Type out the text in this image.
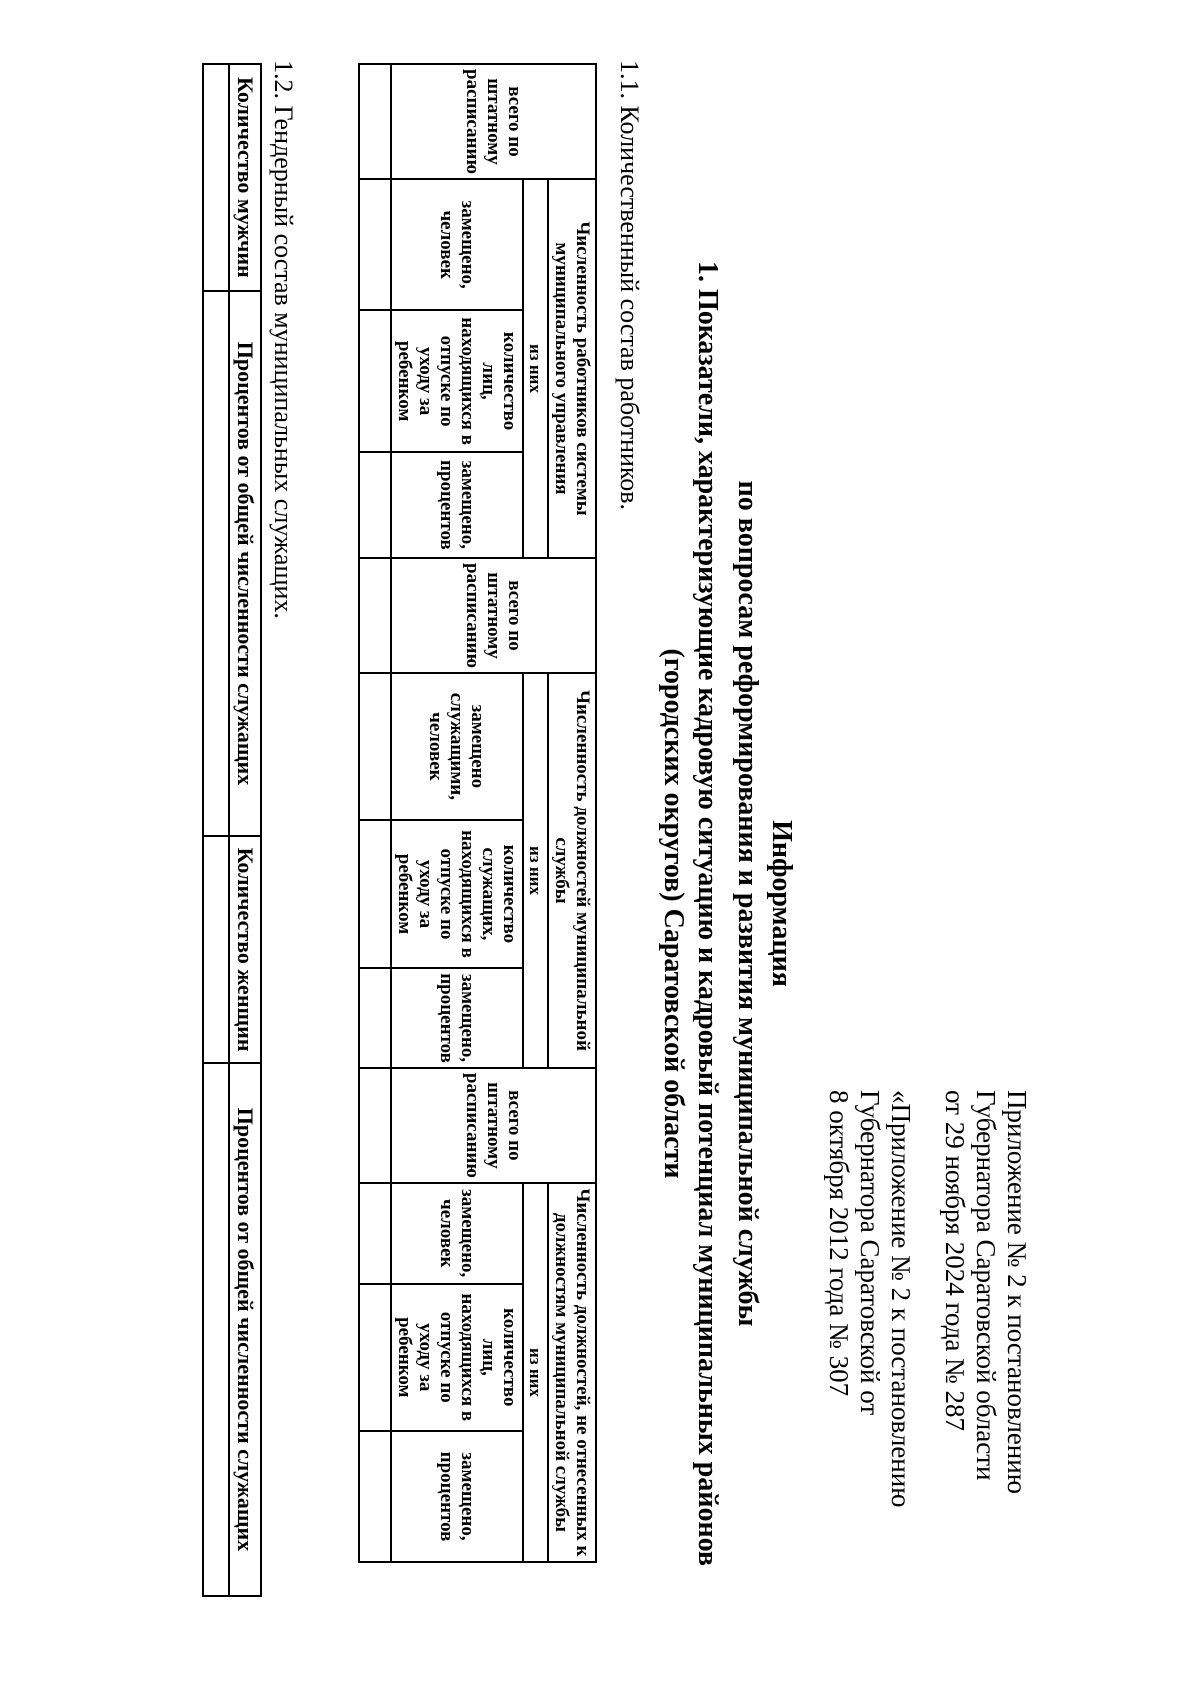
Приложение № 2 к постановлению
Губернатора Саратовской области
от 29 ноября 2024 года № 287
«Приложение № 2 к постановлению
Губернатора Саратовской от
8 октября 2012 года № 307
Информация
по вопросам реформирования и развития муниципальной службы
1. Показатели, характеризующие кадровую ситуацию и кадровый потенциал муниципальных районов
(городских округов) Саратовской области
1.1. Количественный состав работников.
всего по штатному расписанию	Численность работников системы муниципального управления			всего по штатному расписанию	Численность должностей муниципальной службы			всего по штатному расписанию	Численность должностей, не отнесенных к должностям муниципальной службы		
	из них				из них				из них		
	замещено, человек	количество лиц, находящихся в отпуске по уходу за ребенком	замещено, процентов		замещено служащими, человек	количество служащих, находящихся в отпуске по уходу за ребенком	замещено, процентов		замещено, человек	количество лиц, находящихся в отпуске по уходу за ребенком	замещено, процентов

1.2. Гендерный состав муниципальных служащих.
Количество мужчин	Процентов от общей численности служащих	Количество женщин	Процентов от общей численности служащих
